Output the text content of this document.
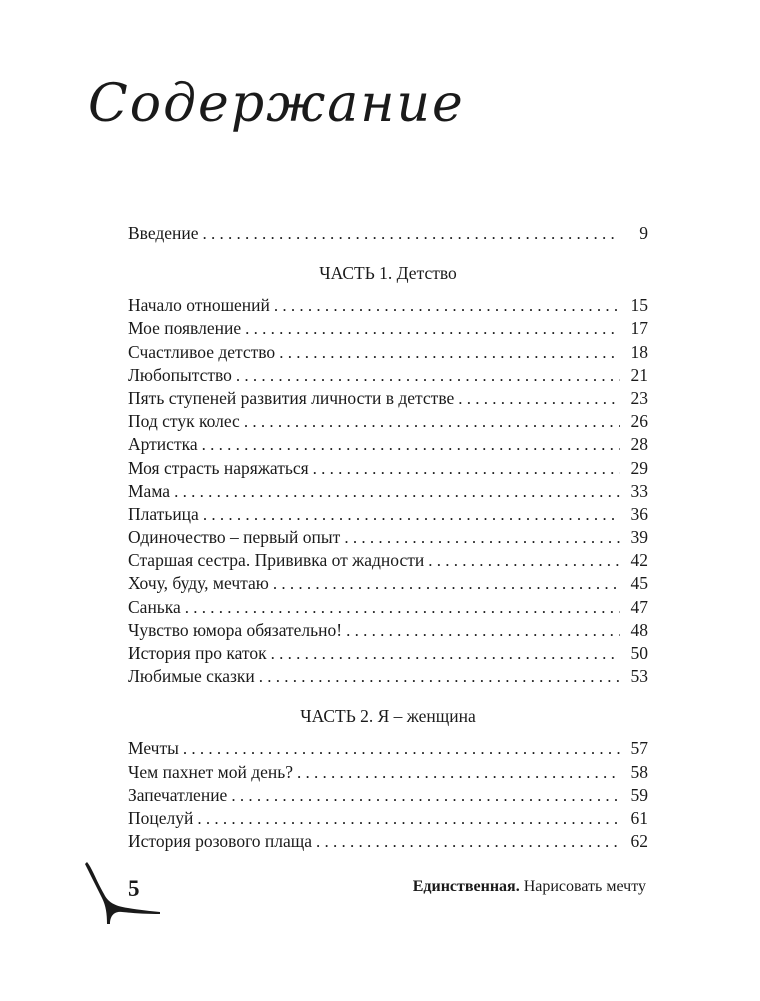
Содержание
Введение . . .	9
ЧАСТЬ 1. Детство
Начало отношений . . .	15
Мое появление . . .	17
Счастливое детство . . .	18
Любопытство . . .	21
Пять ступеней развития личности в детстве . . .	23
Под стук колес . . .	26
Артистка . . .	28
Моя страсть наряжаться . . .	29
Мама . . .	33
Платьица . . .	36
Одиночество – первый опыт . . .	39
Старшая сестра. Прививка от жадности . . .	42
Хочу, буду, мечтаю . . .	45
Санька . . .	47
Чувство юмора обязательно! . . .	48
История про каток . . .	50
Любимые сказки . . .	53
ЧАСТЬ 2. Я – женщина
Мечты . . .	57
Чем пахнет мой день? . . .	58
Запечатление . . .	59
Поцелуй . . .	61
История розового плаща . . .	62
5	Единственная. Нарисовать мечту
